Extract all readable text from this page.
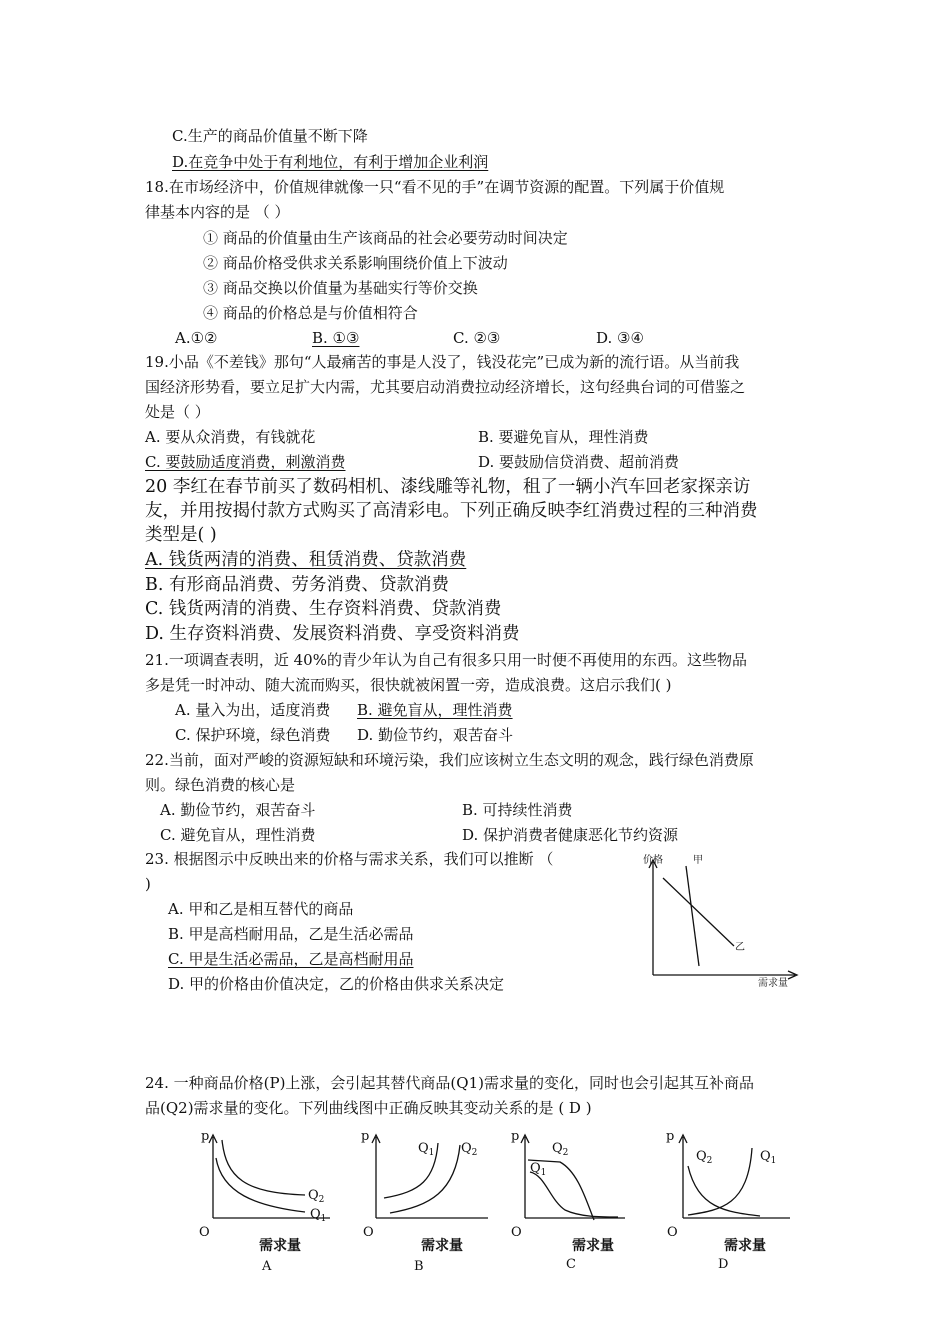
C.生产的商品价值量不断下降
D.在竞争中处于有利地位，有利于增加企业利润
18.在市场经济中，价值规律就像一只“看不见的手”在调节资源的配置。下列属于价值规
律基本内容的是 （ ）
① 商品的价值量由生产该商品的社会必要劳动时间决定
② 商品价格受供求关系影响围绕价值上下波动
③ 商品交换以价值量为基础实行等价交换
④ 商品的价格总是与价值相符合
A.①②	B. ①③	C. ②③	D. ③④
19.小品《不差钱》那句“人最痛苦的事是人没了，钱没花完”已成为新的流行语。从当前我
国经济形势看，要立足扩大内需，尤其要启动消费拉动经济增长，这句经典台词的可借鉴之
处是（ ）
A. 要从众消费，有钱就花	B. 要避免盲从，理性消费
C. 要鼓励适度消费，刺激消费	D. 要鼓励信贷消费、超前消费
20 李红在春节前买了数码相机、漆线雕等礼物，租了一辆小汽车回老家探亲访
友，并用按揭付款方式购买了高清彩电。下列正确反映李红消费过程的三种消费
类型是( )
A. 钱货两清的消费、租赁消费、贷款消费
B. 有形商品消费、劳务消费、贷款消费
C. 钱货两清的消费、生存资料消费、贷款消费
D. 生存资料消费、发展资料消费、享受资料消费
21.一项调查表明，近 40%的青少年认为自己有很多只用一时便不再使用的东西。这些物品
多是凭一时冲动、随大流而购买，很快就被闲置一旁，造成浪费。这启示我们( )
A. 量入为出，适度消费 B. 避免盲从，理性消费
C. 保护环境，绿色消费 D. 勤俭节约，艰苦奋斗
22.当前，面对严峻的资源短缺和环境污染，我们应该树立生态文明的观念，践行绿色消费原
则。绿色消费的核心是
A. 勤俭节约，艰苦奋斗	B. 可持续性消费
C. 避免盲从，理性消费	D. 保护消费者健康恶化节约资源
23. 根据图示中反映出来的价格与需求关系，我们可以推断 （
)
A. 甲和乙是相互替代的商品
B. 甲是高档耐用品，乙是生活必需品
C. 甲是生活必需品，乙是高档耐用品
D. 甲的价格由价值决定，乙的价格由供求关系决定
价格	甲
乙
需求量
24. 一种商品价格(P)上涨，会引起其替代商品(Q1)需求量的变化，同时也会引起其互补商品
品(Q2)需求量的变化。下列曲线图中正确反映其变动关系的是 ( D )
p
O
$Q_2$
$Q_1$
需求量
A
p
O
$Q_1$ $Q_2$
需求量
B
p
O
$Q_2$
$Q_1$
需求量
C
p
O
$Q_2$	$Q_1$
需求量
D
